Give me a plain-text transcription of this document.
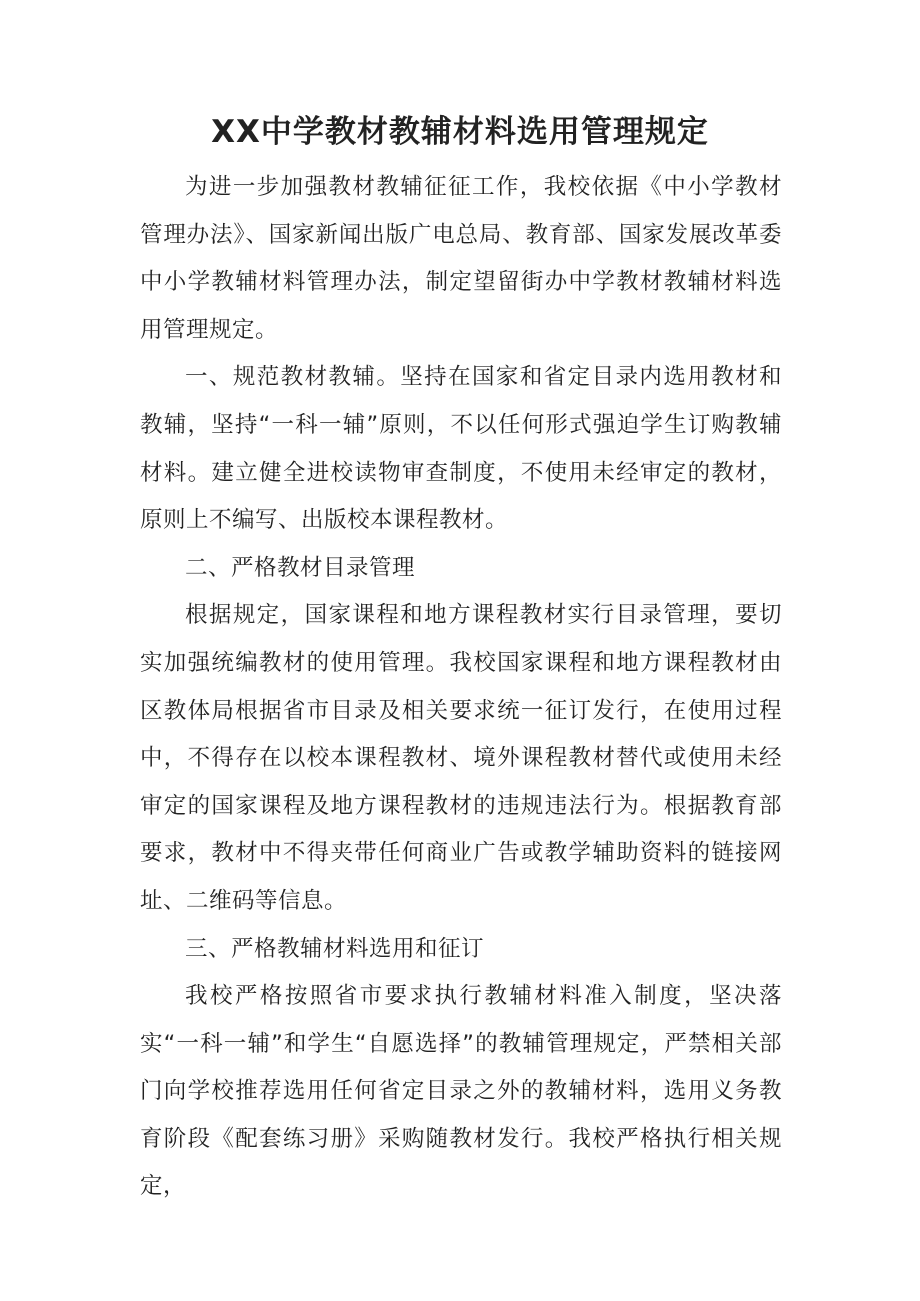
XX中学教材教辅材料选用管理规定

为进一步加强教材教辅征征工作，我校依据《中小学教材管理办法》、国家新闻出版广电总局、教育部、国家发展改革委中小学教辅材料管理办法，制定望留街办中学教材教辅材料选用管理规定。

一、规范教材教辅。坚持在国家和省定目录内选用教材和教辅，坚持“一科一辅”原则，不以任何形式强迫学生订购教辅材料。建立健全进校读物审查制度，不使用未经审定的教材，原则上不编写、出版校本课程教材。

二、严格教材目录管理

根据规定，国家课程和地方课程教材实行目录管理，要切实加强统编教材的使用管理。我校国家课程和地方课程教材由区教体局根据省市目录及相关要求统一征订发行，在使用过程中，不得存在以校本课程教材、境外课程教材替代或使用未经审定的国家课程及地方课程教材的违规违法行为。根据教育部要求，教材中不得夹带任何商业广告或教学辅助资料的链接网址、二维码等信息。

三、严格教辅材料选用和征订

我校严格按照省市要求执行教辅材料准入制度，坚决落实“一科一辅”和学生“自愿选择”的教辅管理规定，严禁相关部门向学校推荐选用任何省定目录之外的教辅材料，选用义务教育阶段《配套练习册》采购随教材发行。我校严格执行相关规定，
